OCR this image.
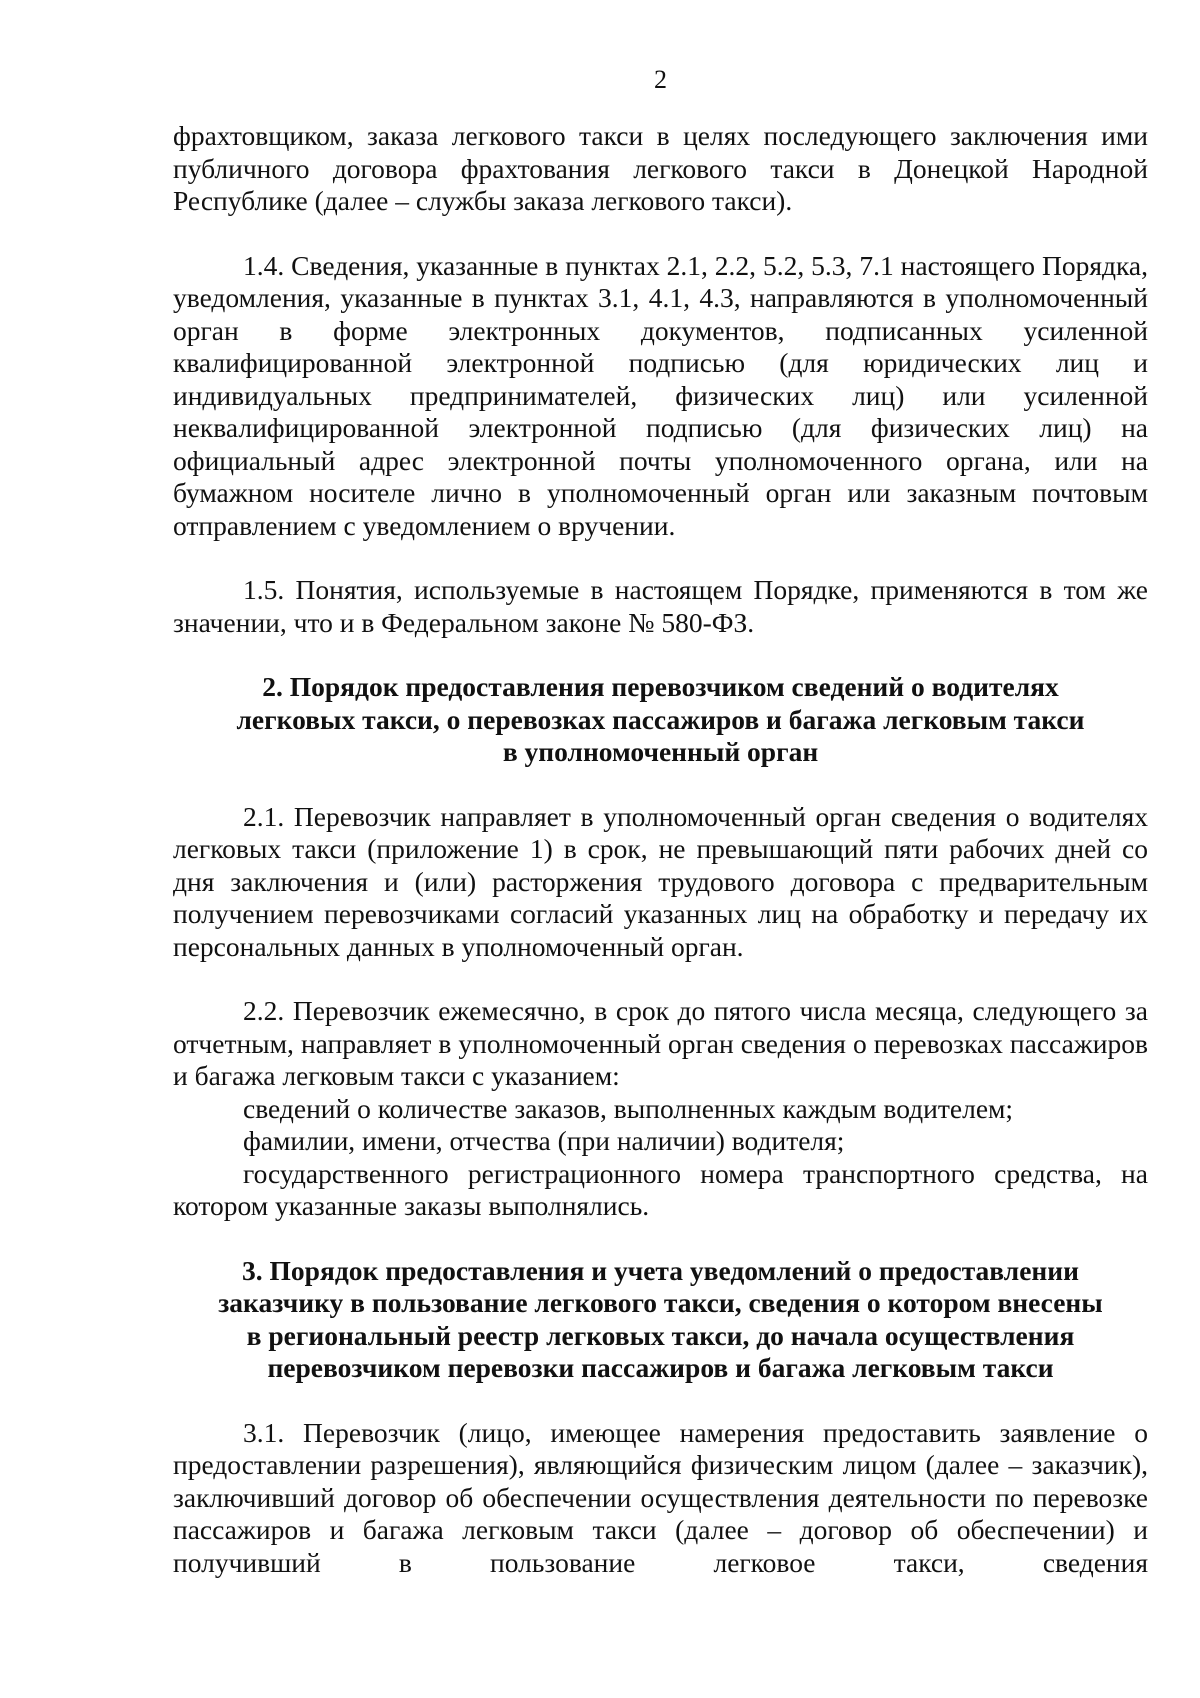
2

фрахтовщиком, заказа легкового такси в целях последующего заключения ими публичного договора фрахтования легкового такси в Донецкой Народной Республике (далее – службы заказа легкового такси).

1.4. Сведения, указанные в пунктах 2.1, 2.2, 5.2, 5.3, 7.1 настоящего Порядка, уведомления, указанные в пунктах 3.1, 4.1, 4.3, направляются в уполномоченный орган в форме электронных документов, подписанных усиленной квалифицированной электронной подписью (для юридических лиц и индивидуальных предпринимателей, физических лиц) или усиленной неквалифицированной электронной подписью (для физических лиц) на официальный адрес электронной почты уполномоченного органа, или на бумажном носителе лично в уполномоченный орган или заказным почтовым отправлением с уведомлением о вручении.

1.5. Понятия, используемые в настоящем Порядке, применяются в том же значении, что и в Федеральном законе № 580-ФЗ.

2. Порядок предоставления перевозчиком сведений о водителях
легковых такси, о перевозках пассажиров и багажа легковым такси
в уполномоченный орган

2.1. Перевозчик направляет в уполномоченный орган сведения о водителях легковых такси (приложение 1) в срок, не превышающий пяти рабочих дней со дня заключения и (или) расторжения трудового договора с предварительным получением перевозчиками согласий указанных лиц на обработку и передачу их персональных данных в уполномоченный орган.

2.2. Перевозчик ежемесячно, в срок до пятого числа месяца, следующего за отчетным, направляет в уполномоченный орган сведения о перевозках пассажиров и багажа легковым такси с указанием:

сведений о количестве заказов, выполненных каждым водителем;

фамилии, имени, отчества (при наличии) водителя;

государственного регистрационного номера транспортного средства, на котором указанные заказы выполнялись.

3. Порядок предоставления и учета уведомлений о предоставлении
заказчику в пользование легкового такси, сведения о котором внесены
в региональный реестр легковых такси, до начала осуществления
перевозчиком перевозки пассажиров и багажа легковым такси

3.1. Перевозчик (лицо, имеющее намерения предоставить заявление о предоставлении разрешения), являющийся физическим лицом (далее – заказчик), заключивший договор об обеспечении осуществления деятельности по перевозке пассажиров и багажа легковым такси (далее – договор об обеспечении) и получивший в пользование легковое такси, сведения
